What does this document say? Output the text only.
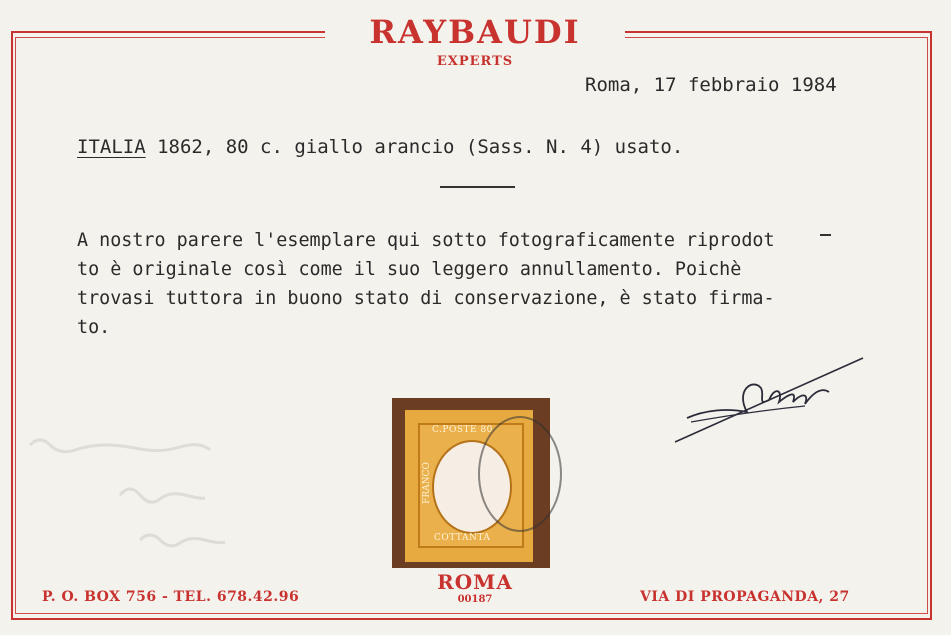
RAYBAUDI
EXPERTS
Roma, 17 febbraio 1984
ITALIA 1862, 80 c. giallo arancio (Sass. N. 4) usato.
A nostro parere l'esemplare qui sotto fotograficamente riprodot
to è originale così come il suo leggero annullamento. Poichè
trovasi tuttora in buono stato di conservazione, è stato firma-
to.
C.POSTE 80
COTTANTA
FRANCO
ROMA
00187
P. O. BOX 756 - TEL. 678.42.96	VIA DI PROPAGANDA, 27
